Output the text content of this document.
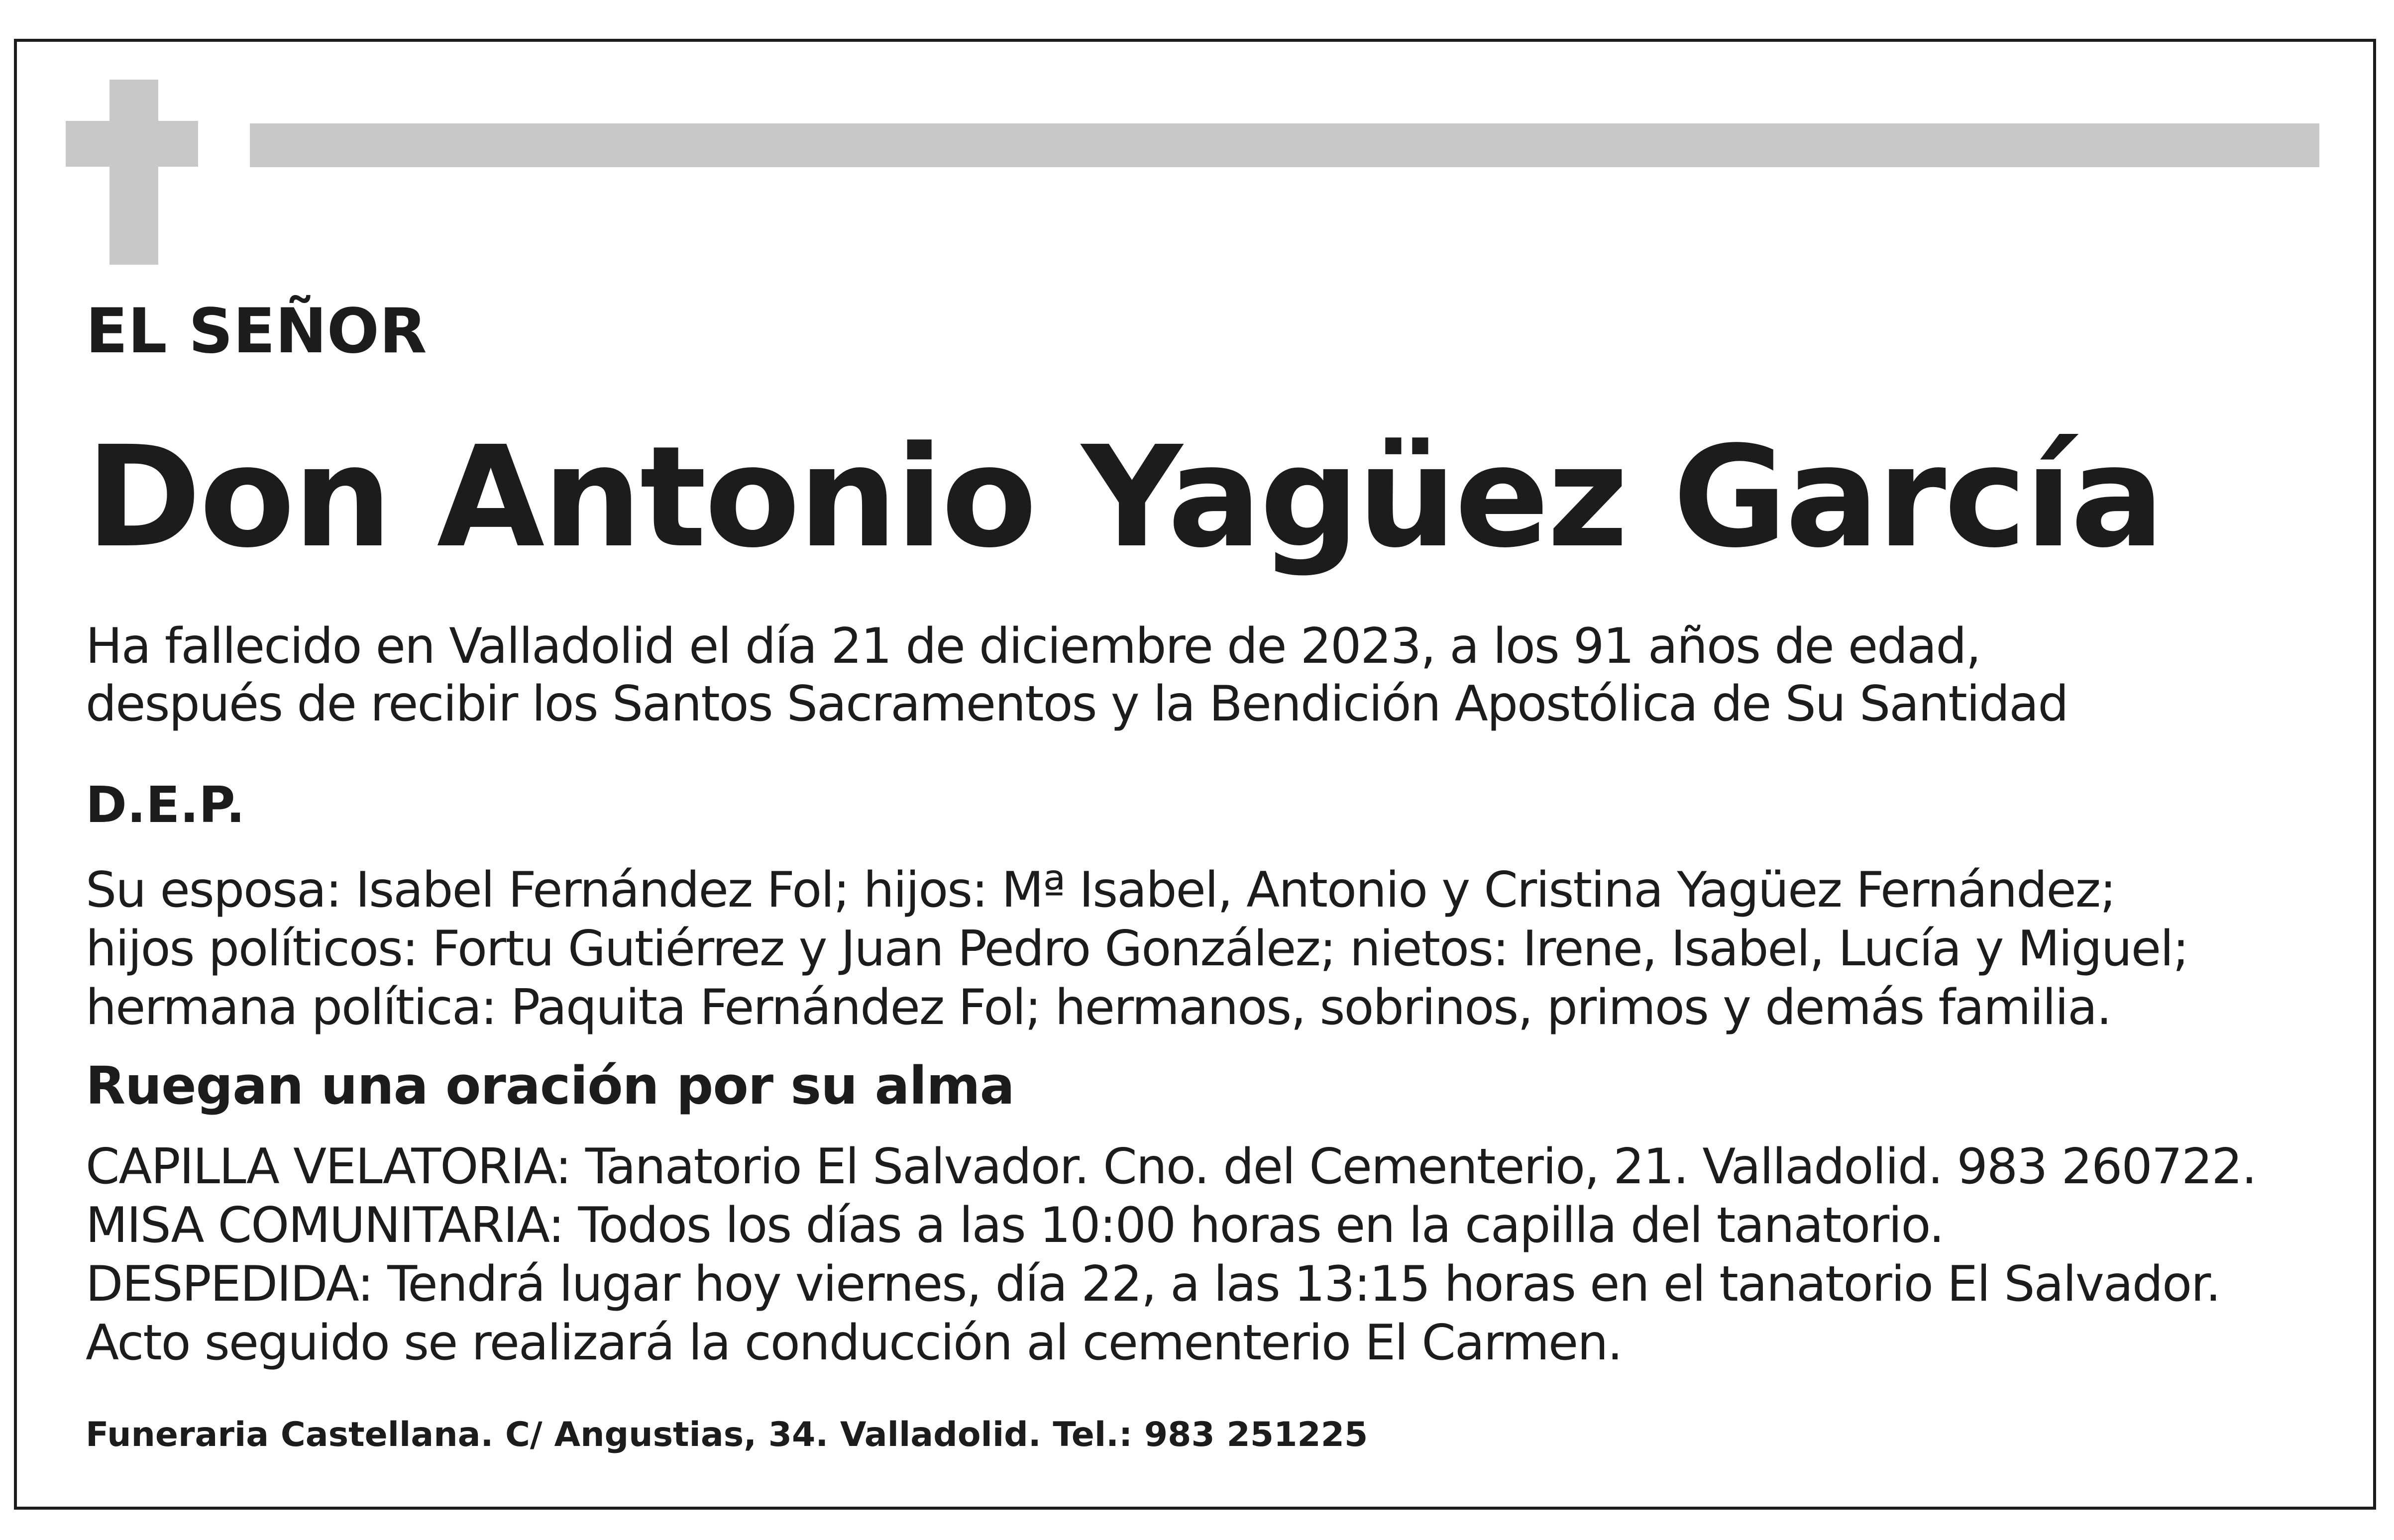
EL SEÑOR

Don Antonio Yagüez García

Ha fallecido en Valladolid el día 21 de diciembre de 2023, a los 91 años de edad,

después de recibir los Santos Sacramentos y la Bendición Apostólica de Su Santidad

D.E.P.

Su esposa: Isabel Fernández Fol; hijos: Mª Isabel, Antonio y Cristina Yagüez Fernández;

hijos políticos: Fortu Gutiérrez y Juan Pedro González; nietos: Irene, Isabel, Lucía y Miguel;

hermana política: Paquita Fernández Fol; hermanos, sobrinos, primos y demás familia.

Ruegan una oración por su alma

CAPILLA VELATORIA: Tanatorio El Salvador. Cno. del Cementerio, 21. Valladolid. 983 260722.

MISA COMUNITARIA: Todos los días a las 10:00 horas en la capilla del tanatorio.

DESPEDIDA: Tendrá lugar hoy viernes, día 22, a las 13:15 horas en el tanatorio El Salvador.

Acto seguido se realizará la conducción al cementerio El Carmen.

Funeraria Castellana. C/ Angustias, 34. Valladolid. Tel.: 983 251225
